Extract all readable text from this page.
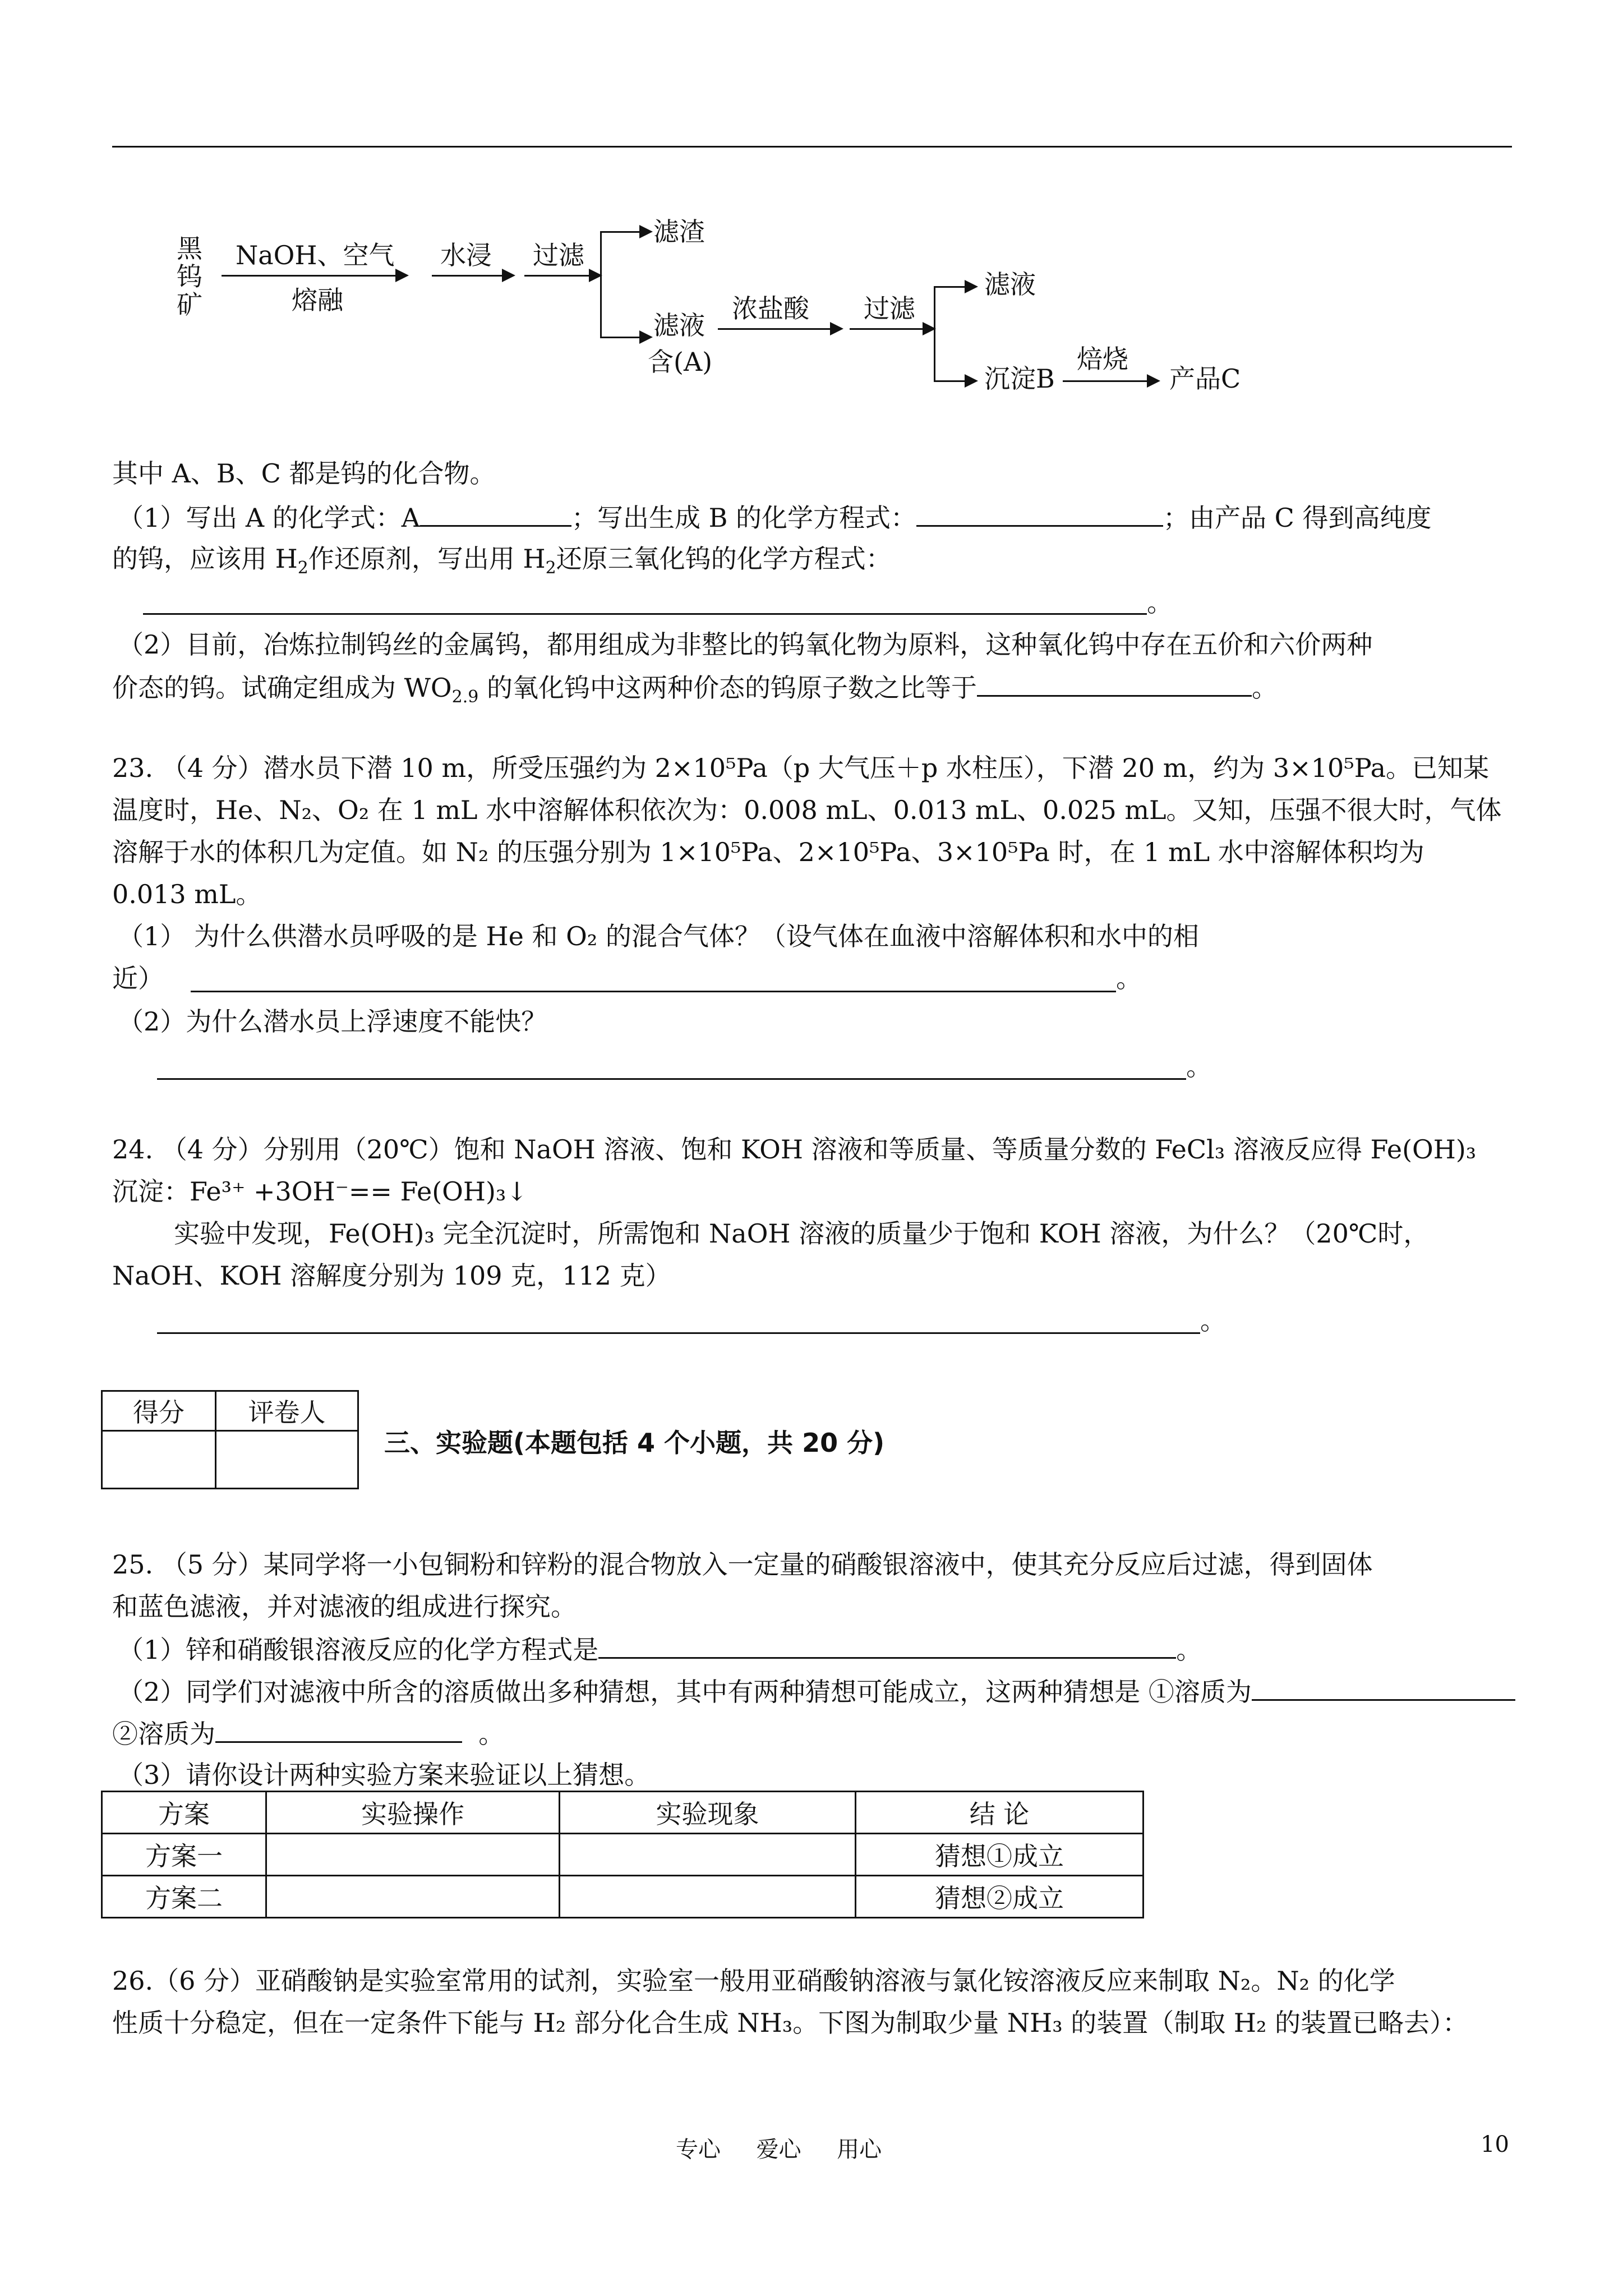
黑
钨
矿
NaOH、空气
熔融
水浸 过滤
滤渣
滤液
含(A)
浓盐酸 过滤
滤液
沉淀B
焙烧
产品C
其中 A、B、C 都是钨的化合物。
（1）写出 A 的化学式：A	；写出生成 B 的化学方程式：	；由产品 C 得到高纯度
的钨，应该用 $H_2$作还原剂，写出用 $H_2$还原三氧化钨的化学方程式：
。
（2）目前，冶炼拉制钨丝的金属钨，都用组成为非整比的钨氧化物为原料，这种氧化钨中存在五价和六价两种
价态的钨。试确定组成为 $WO_{2.9}$ 的氧化钨中这两种价态的钨原子数之比等于	。
23. （4 分）潜水员下潜 10 m，所受压强约为 2×10⁵Pa（p 大气压＋p 水柱压），下潜 20 m，约为 3×10⁵Pa。已知某
温度时，He、N₂、O₂ 在 1 mL 水中溶解体积依次为：0.008 mL、0.013 mL、0.025 mL。又知，压强不很大时，气体
溶解于水的体积几为定值。如 N₂ 的压强分别为 1×10⁵Pa、2×10⁵Pa、3×10⁵Pa 时，在 1 mL 水中溶解体积均为
0.013 mL。
（1） 为什么供潜水员呼吸的是 He 和 O₂ 的混合气体？（设气体在血液中溶解体积和水中的相
近）	。
（2）为什么潜水员上浮速度不能快？
。
24. （4 分）分别用（20℃）饱和 NaOH 溶液、饱和 KOH 溶液和等质量、等质量分数的 FeCl₃ 溶液反应得 Fe(OH)₃
沉淀：Fe³⁺ +3OH⁻== Fe(OH)₃↓
实验中发现，Fe(OH)₃ 完全沉淀时，所需饱和 NaOH 溶液的质量少于饱和 KOH 溶液，为什么？（20℃时，
NaOH、KOH 溶解度分别为 109 克，112 克）
。
得分	评卷人

三、实验题(本题包括 4 个小题，共 20 分)
25. （5 分）某同学将一小包铜粉和锌粉的混合物放入一定量的硝酸银溶液中，使其充分反应后过滤，得到固体
和蓝色滤液，并对滤液的组成进行探究。
（1）锌和硝酸银溶液反应的化学方程式是	。
（2）同学们对滤液中所含的溶质做出多种猜想，其中有两种猜想可能成立，这两种猜想是 ①溶质为
②溶质为	。
（3）请你设计两种实验方案来验证以上猜想。
方案	实验操作	实验现象	结 论
方案一			猜想①成立
方案二			猜想②成立
26.（6 分）亚硝酸钠是实验室常用的试剂，实验室一般用亚硝酸钠溶液与氯化铵溶液反应来制取 N₂。N₂ 的化学
性质十分稳定，但在一定条件下能与 H₂ 部分化合生成 NH₃。下图为制取少量 NH₃ 的装置（制取 H₂ 的装置已略去）：
专心     爱心     用心	10
